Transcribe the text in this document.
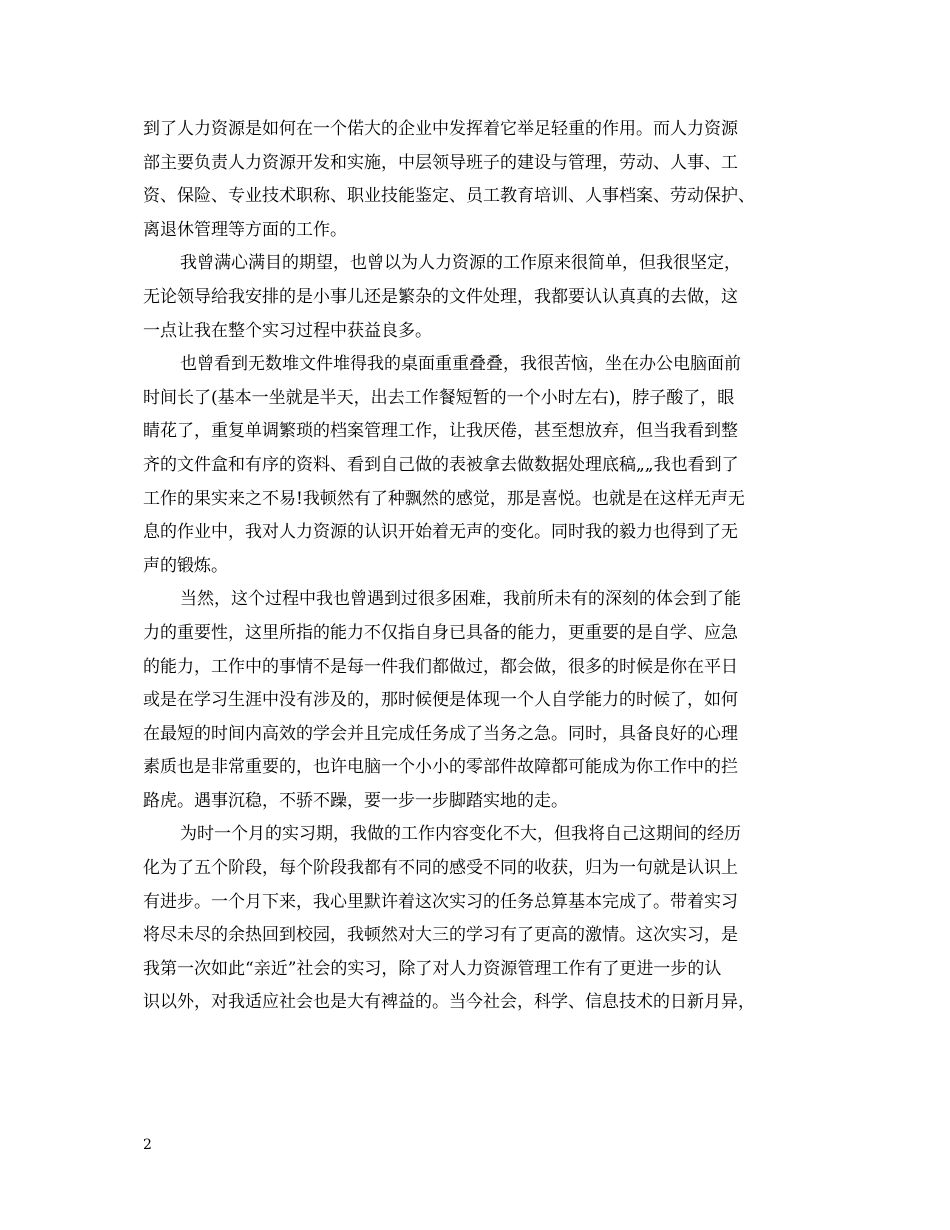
到了人力资源是如何在一个偌大的企业中发挥着它举足轻重的作用。而人力资源
部主要负责人力资源开发和实施，中层领导班子的建设与管理，劳动、人事、工
资、保险、专业技术职称、职业技能鉴定、员工教育培训、人事档案、劳动保护、
离退休管理等方面的工作。

我曾满心满目的期望，也曾以为人力资源的工作原来很简单，但我很坚定，
无论领导给我安排的是小事儿还是繁杂的文件处理，我都要认认真真的去做，这
一点让我在整个实习过程中获益良多。

也曾看到无数堆文件堆得我的桌面重重叠叠，我很苦恼，坐在办公电脑面前
时间长了(基本一坐就是半天，出去工作餐短暂的一个小时左右)，脖子酸了，眼
睛花了，重复单调繁琐的档案管理工作，让我厌倦，甚至想放弃，但当我看到整
齐的文件盒和有序的资料、看到自己做的表被拿去做数据处理底稿„„我也看到了
工作的果实来之不易!我顿然有了种飘然的感觉，那是喜悦。也就是在这样无声无
息的作业中，我对人力资源的认识开始着无声的变化。同时我的毅力也得到了无
声的锻炼。

当然，这个过程中我也曾遇到过很多困难，我前所未有的深刻的体会到了能
力的重要性，这里所指的能力不仅指自身已具备的能力，更重要的是自学、应急
的能力，工作中的事情不是每一件我们都做过，都会做，很多的时候是你在平日
或是在学习生涯中没有涉及的，那时候便是体现一个人自学能力的时候了，如何
在最短的时间内高效的学会并且完成任务成了当务之急。同时，具备良好的心理
素质也是非常重要的，也许电脑一个小小的零部件故障都可能成为你工作中的拦
路虎。遇事沉稳，不骄不躁，要一步一步脚踏实地的走。

为时一个月的实习期，我做的工作内容变化不大，但我将自己这期间的经历
化为了五个阶段，每个阶段我都有不同的感受不同的收获，归为一句就是认识上
有进步。一个月下来，我心里默许着这次实习的任务总算基本完成了。带着实习
将尽未尽的余热回到校园，我顿然对大三的学习有了更高的激情。这次实习，是
我第一次如此“亲近”社会的实习，除了对人力资源管理工作有了更进一步的认
识以外，对我适应社会也是大有裨益的。当今社会，科学、信息技术的日新月异，

2
